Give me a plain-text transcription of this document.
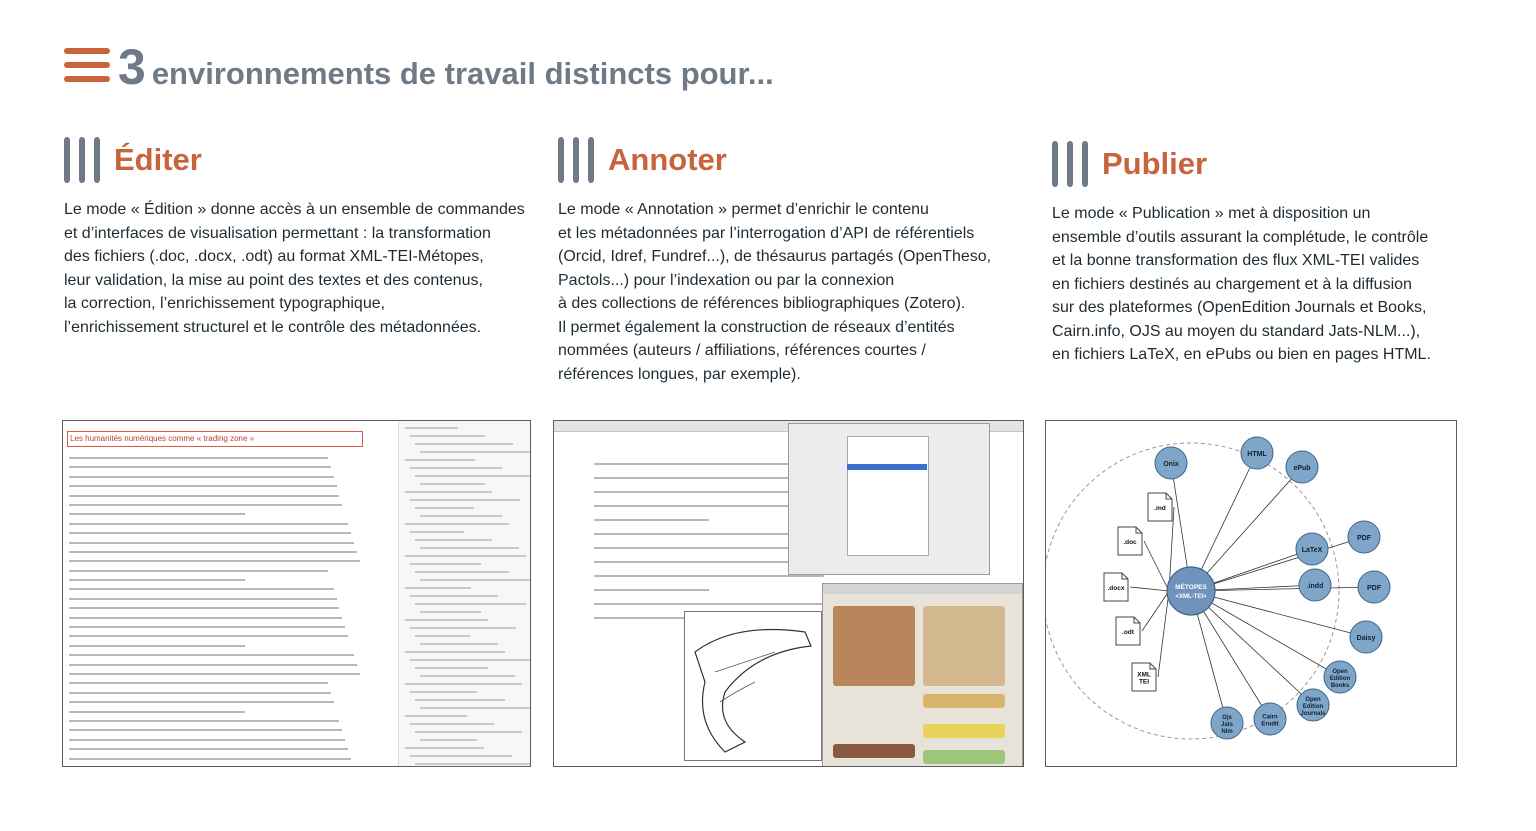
3 environnements de travail distincts pour...
Éditer
Le mode « Édition » donne accès à un ensemble de commandes
et d’interfaces de visualisation permettant : la transformation
des fichiers (.doc, .docx, .odt) au format XML-TEI-Métopes,
leur validation, la mise au point des textes et des contenus,
la correction, l’enrichissement typographique,
l’enrichissement structurel et le contrôle des métadonnées.
Annoter
Le mode « Annotation » permet d’enrichir le contenu
et les métadonnées par l’interrogation d’API de référentiels
(Orcid, Idref, Fundref...), de thésaurus partagés (OpenTheso,
Pactols...) pour l’indexation ou par la connexion
à des collections de références bibliographiques (Zotero).
Il permet également la construction de réseaux d’entités
nommées (auteurs / affiliations, références courtes /
références longues, par exemple).
Publier
Le mode « Publication » met à disposition un
ensemble d’outils assurant la complétude, le contrôle
et la bonne transformation des flux XML-TEI valides
en fichiers destinés au chargement et à la diffusion
sur des plateformes (OpenEdition Journals et Books,
Cairn.info, OJS au moyen du standard Jats-NLM...),
en fichiers LaTeX, en ePubs ou bien en pages HTML.
Les humanités numériques comme « trading zone »
.md
.doc
.docx
.odt
XML
TEI
Onix
HTML
ePub
PDF
LaTeX
.indd	PDF
Daisy
Open
Edition
Books
Open
Edition
Journals
Cairn
Erudit
Ojs
Jats
Nlm
MÉTOPES
<XML-TEI>
